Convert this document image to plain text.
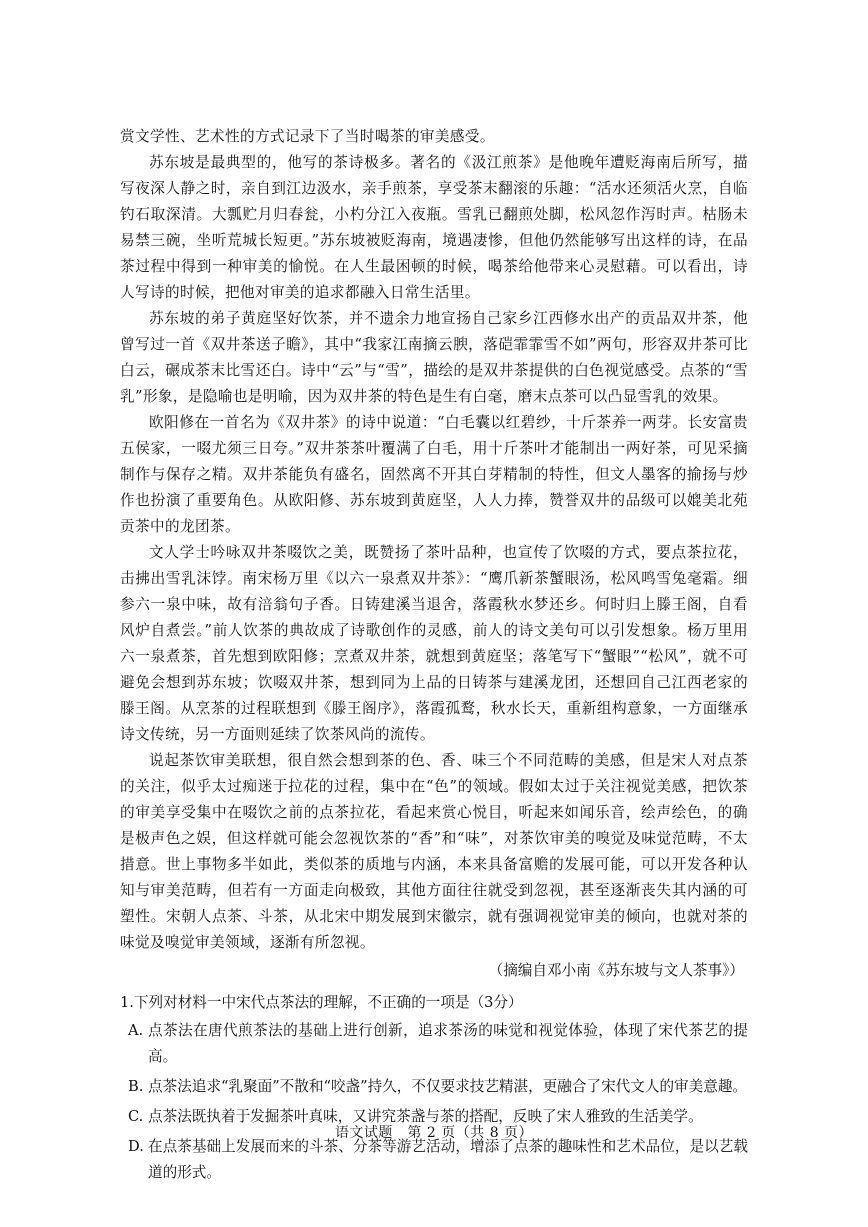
赏文学性、艺术性的方式记录下了当时喝茶的审美感受。

苏东坡是最典型的，他写的茶诗极多。著名的《汲江煎茶》是他晚年遭贬海南后所写，描写夜深人静之时，亲自到江边汲水，亲手煎茶，享受茶末翻滚的乐趣：“活水还须活火烹，自临钓石取深清。大瓢贮月归春瓮，小杓分江入夜瓶。雪乳已翻煎处脚，松风忽作泻时声。枯肠未易禁三碗，坐听荒城长短更。”苏东坡被贬海南，境遇凄惨，但他仍然能够写出这样的诗，在品茶过程中得到一种审美的愉悦。在人生最困顿的时候，喝茶给他带来心灵慰藉。可以看出，诗人写诗的时候，把他对审美的追求都融入日常生活里。

苏东坡的弟子黄庭坚好饮茶，并不遗余力地宣扬自己家乡江西修水出产的贡品双井茶，他曾写过一首《双井茶送子瞻》，其中“我家江南摘云腴，落硙霏霏雪不如”两句，形容双井茶可比白云，碾成茶末比雪还白。诗中“云”与“雪”，描绘的是双井茶提供的白色视觉感受。点茶的“雪乳”形象，是隐喻也是明喻，因为双井茶的特色是生有白毫，磨末点茶可以凸显雪乳的效果。

欧阳修在一首名为《双井茶》的诗中说道：“白毛囊以红碧纱，十斤茶养一两芽。长安富贵五侯家，一啜尤须三日夸。”双井茶茶叶覆满了白毛，用十斤茶叶才能制出一两好茶，可见采摘制作与保存之精。双井茶能负有盛名，固然离不开其白芽精制的特性，但文人墨客的揄扬与炒作也扮演了重要角色。从欧阳修、苏东坡到黄庭坚，人人力捧，赞誉双井的品级可以媲美北苑贡茶中的龙团茶。

文人学士吟咏双井茶啜饮之美，既赞扬了茶叶品种，也宣传了饮啜的方式，要点茶拉花，击拂出雪乳沫饽。南宋杨万里《以六一泉煮双井茶》：“鹰爪新茶蟹眼汤，松风鸣雪兔毫霜。细参六一泉中味，故有涪翁句子香。日铸建溪当退舍，落霞秋水梦还乡。何时归上滕王阁，自看风炉自煮尝。”前人饮茶的典故成了诗歌创作的灵感，前人的诗文美句可以引发想象。杨万里用六一泉煮茶，首先想到欧阳修；烹煮双井茶，就想到黄庭坚；落笔写下“蟹眼”“松风”，就不可避免会想到苏东坡；饮啜双井茶，想到同为上品的日铸茶与建溪龙团，还想回自己江西老家的滕王阁。从烹茶的过程联想到《滕王阁序》，落霞孤鹜，秋水长天，重新组构意象，一方面继承诗文传统，另一方面则延续了饮茶风尚的流传。

说起茶饮审美联想，很自然会想到茶的色、香、味三个不同范畴的美感，但是宋人对点茶的关注，似乎太过痴迷于拉花的过程，集中在“色”的领域。假如太过于关注视觉美感，把饮茶的审美享受集中在啜饮之前的点茶拉花，看起来赏心悦目，听起来如闻乐音，绘声绘色，的确是极声色之娱，但这样就可能会忽视饮茶的“香”和“味”，对茶饮审美的嗅觉及味觉范畴，不太措意。世上事物多半如此，类似茶的质地与内涵，本来具备富赡的发展可能，可以开发各种认知与审美范畴，但若有一方面走向极致，其他方面往往就受到忽视，甚至逐渐丧失其内涵的可塑性。宋朝人点茶、斗茶，从北宋中期发展到宋徽宗，就有强调视觉审美的倾向，也就对茶的味觉及嗅觉审美领域，逐渐有所忽视。

（摘编自邓小南《苏东坡与文人茶事》）

1.下列对材料一中宋代点茶法的理解，不正确的一项是（3分）

A. 点茶法在唐代煎茶法的基础上进行创新，追求茶汤的味觉和视觉体验，体现了宋代茶艺的提高。
B. 点茶法追求“乳聚面”不散和“咬盏”持久，不仅要求技艺精湛，更融合了宋代文人的审美意趣。
C. 点茶法既执着于发掘茶叶真味，又讲究茶盏与茶的搭配，反映了宋人雅致的生活美学。
D. 在点茶基础上发展而来的斗茶、分茶等游艺活动，增添了点茶的趣味性和艺术品位，是以艺载道的形式。
语文试题　第 2 页（共 8 页）
